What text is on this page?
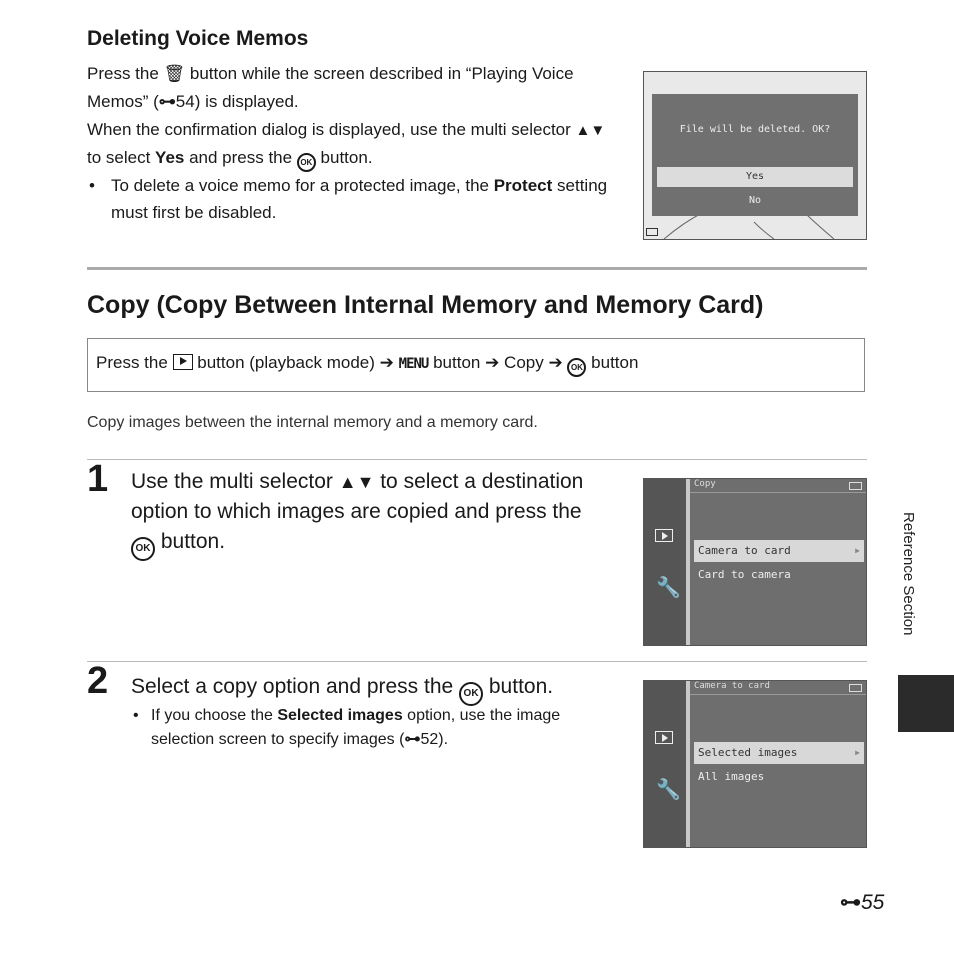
Deleting Voice Memos
Press the 🗑 button while the screen described in “Playing Voice Memos” (⊶54) is displayed.
When the confirmation dialog is displayed, use the multi selector ▲▼ to select Yes and press the OK button.
• To delete a voice memo for a protected image, the Protect setting must first be disabled.
File will be deleted. OK?
Yes
No
Copy (Copy Between Internal Memory and Memory Card)
Press the
button (playback mode) ➔ MENU button ➔ Copy ➔ OK button
Copy images between the internal memory and a memory card.
1 Use the multi selector ▲▼ to select a destination option to which images are copied and press the OK button.
🔧
Copy
Camera to card	▶
Card to camera
2 Select a copy option and press the OK button.
• If you choose the Selected images option, use the image selection screen to specify images (⊶52).
🔧
Camera to card
Selected images	▶
All images
Reference Section
⊶55
